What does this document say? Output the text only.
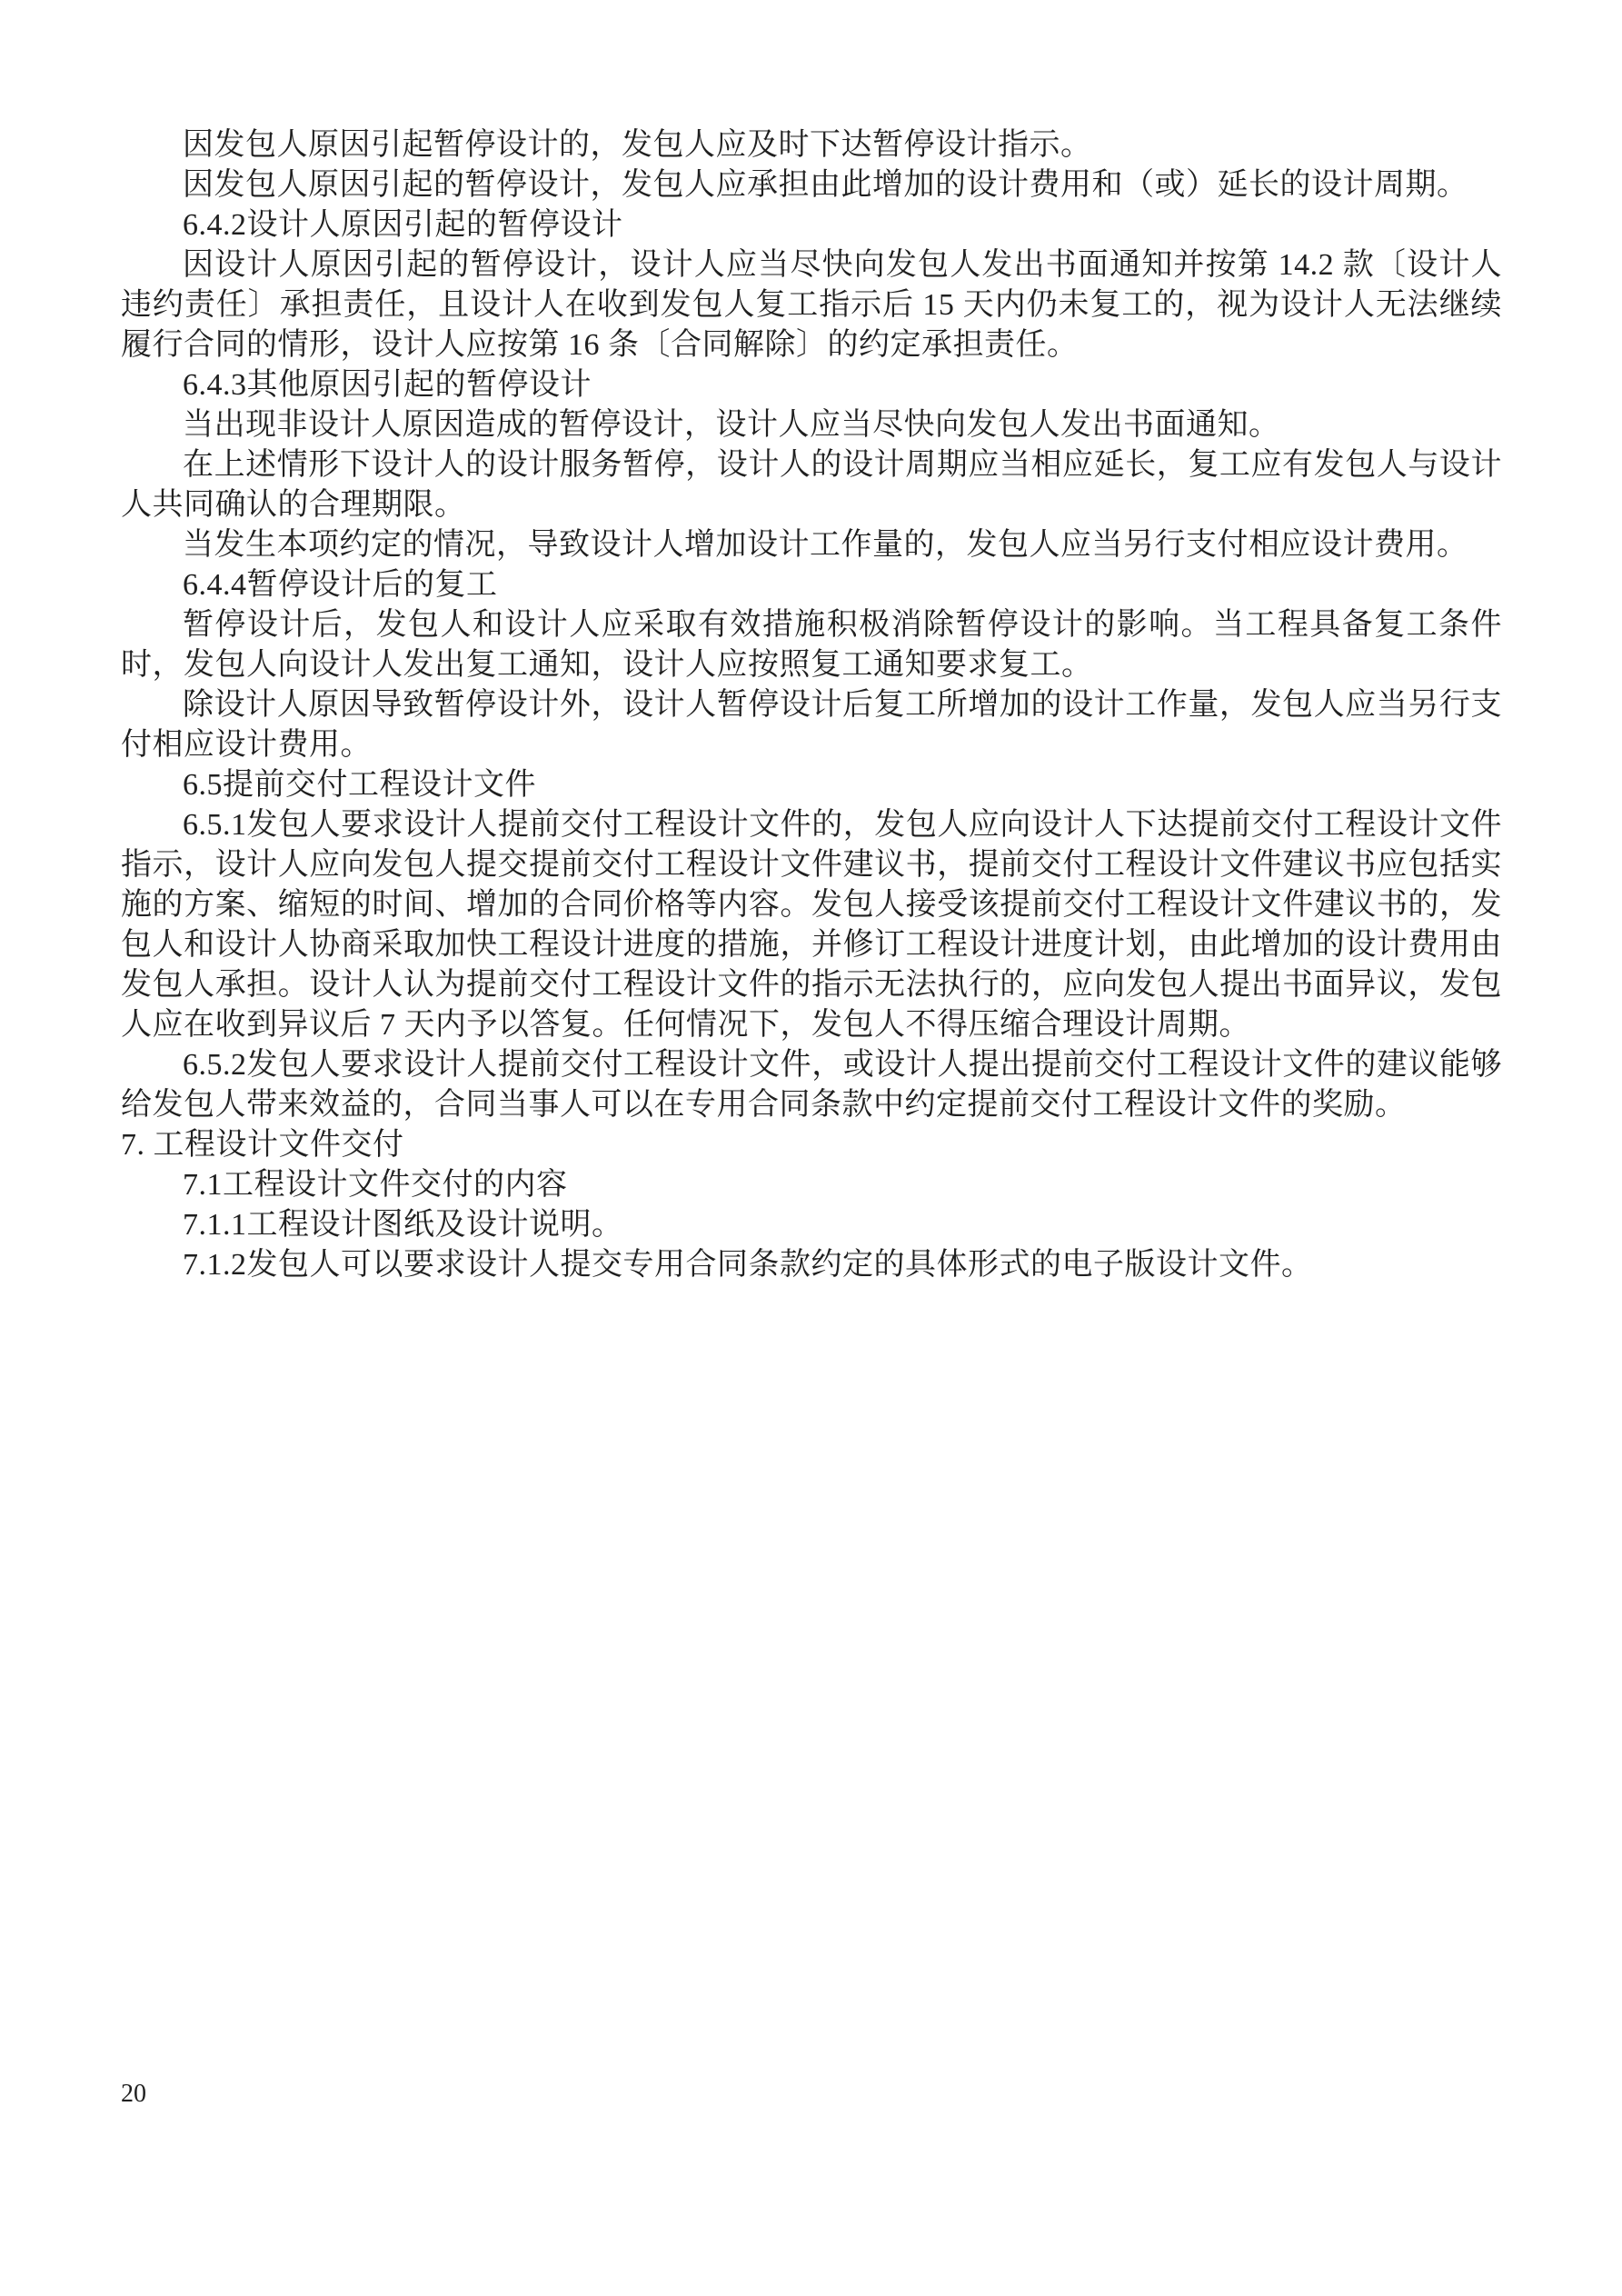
因发包人原因引起暂停设计的，发包人应及时下达暂停设计指示。

因发包人原因引起的暂停设计，发包人应承担由此增加的设计费用和（或）延长的设计周期。

6.4.2设计人原因引起的暂停设计

因设计人原因引起的暂停设计，设计人应当尽快向发包人发出书面通知并按第 14.2 款〔设计人违约责任〕承担责任，且设计人在收到发包人复工指示后 15 天内仍未复工的，视为设计人无法继续履行合同的情形，设计人应按第 16 条〔合同解除〕的约定承担责任。

6.4.3其他原因引起的暂停设计

当出现非设计人原因造成的暂停设计，设计人应当尽快向发包人发出书面通知。

在上述情形下设计人的设计服务暂停，设计人的设计周期应当相应延长，复工应有发包人与设计人共同确认的合理期限。

当发生本项约定的情况，导致设计人增加设计工作量的，发包人应当另行支付相应设计费用。

6.4.4暂停设计后的复工

暂停设计后，发包人和设计人应采取有效措施积极消除暂停设计的影响。当工程具备复工条件时，发包人向设计人发出复工通知，设计人应按照复工通知要求复工。

除设计人原因导致暂停设计外，设计人暂停设计后复工所增加的设计工作量，发包人应当另行支付相应设计费用。

6.5提前交付工程设计文件

6.5.1发包人要求设计人提前交付工程设计文件的，发包人应向设计人下达提前交付工程设计文件指示，设计人应向发包人提交提前交付工程设计文件建议书，提前交付工程设计文件建议书应包括实施的方案、缩短的时间、增加的合同价格等内容。发包人接受该提前交付工程设计文件建议书的，发包人和设计人协商采取加快工程设计进度的措施，并修订工程设计进度计划，由此增加的设计费用由发包人承担。设计人认为提前交付工程设计文件的指示无法执行的，应向发包人提出书面异议，发包人应在收到异议后 7 天内予以答复。任何情况下，发包人不得压缩合理设计周期。

6.5.2发包人要求设计人提前交付工程设计文件，或设计人提出提前交付工程设计文件的建议能够给发包人带来效益的，合同当事人可以在专用合同条款中约定提前交付工程设计文件的奖励。

7. 工程设计文件交付

7.1工程设计文件交付的内容

7.1.1工程设计图纸及设计说明。

7.1.2发包人可以要求设计人提交专用合同条款约定的具体形式的电子版设计文件。

20
